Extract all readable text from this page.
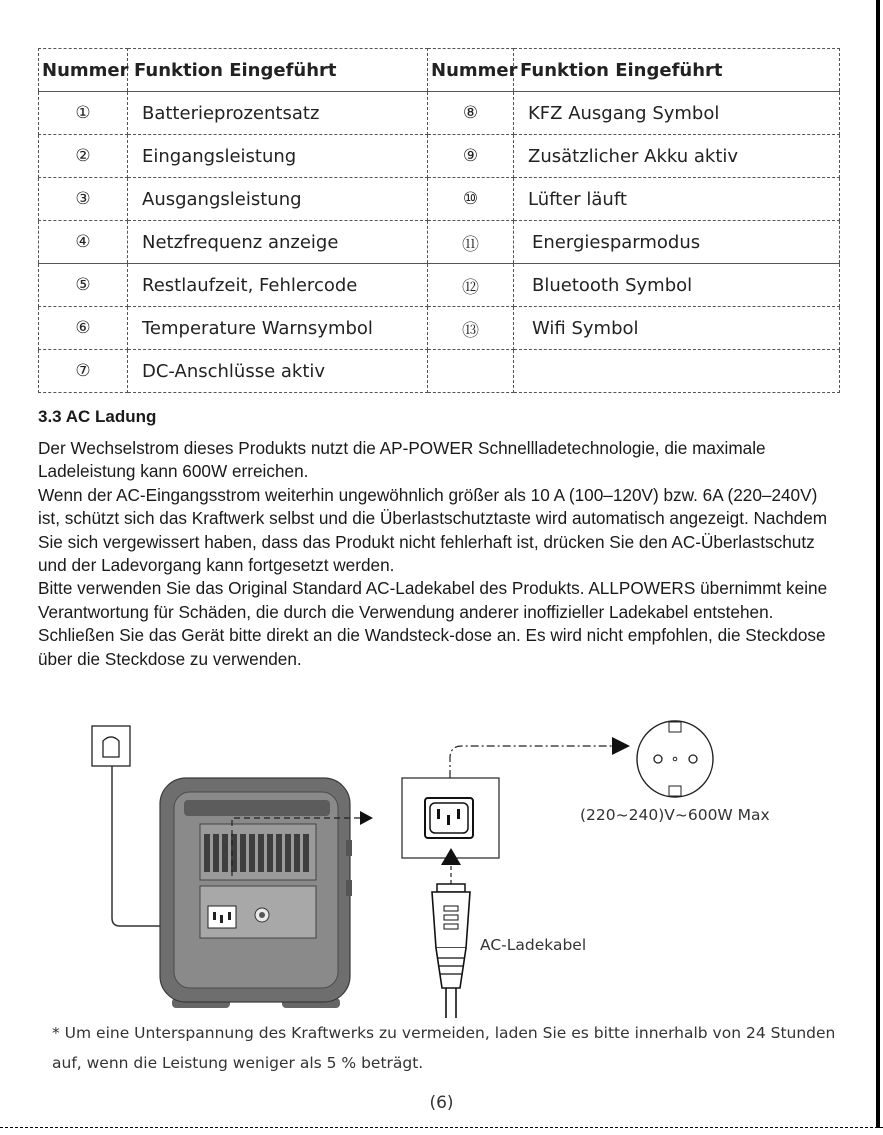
Nummer	Funktion Eingeführt	Nummer	Funktion Eingeführt
①	Batterieprozentsatz	⑧	KFZ Ausgang Symbol
②	Eingangsleistung	⑨	Zusätzlicher Akku aktiv
③	Ausgangsleistung	⑩	Lüfter läuft
④	Netzfrequenz anzeige	⑪	Energiesparmodus
⑤	Restlaufzeit, Fehlercode	⑫	Bluetooth Symbol
⑥	Temperature Warnsymbol	⑬	Wifi Symbol
⑦	DC-Anschlüsse aktiv		
3.3 AC Ladung

Der Wechselstrom dieses Produkts nutzt die AP-POWER Schnellladetechnologie, die maximale Ladeleistung kann 600W erreichen.

Wenn der AC-Eingangsstrom weiterhin ungewöhnlich größer als 10 A (100–120V) bzw. 6A (220–240V) ist, schützt sich das Kraftwerk selbst und die Überlastschutztaste wird automatisch angezeigt. Nachdem Sie sich vergewissert haben, dass das Produkt nicht fehlerhaft ist, drücken Sie den AC-Überlastschutz und der Ladevorgang kann fortgesetzt werden.

Bitte verwenden Sie das Original Standard AC-Ladekabel des Produkts. ALLPOWERS übernimmt keine Verantwortung für Schäden, die durch die Verwendung anderer inoffizieller Ladekabel entstehen. Schließen Sie das Gerät bitte direkt an die Wandsteck-dose an. Es wird nicht empfohlen, die Steckdose über die Steckdose zu verwenden.

(220~240)V~600W Max
AC-Ladekabel
* Um eine Unterspannung des Kraftwerks zu vermeiden, laden Sie es bitte innerhalb von 24 Stunden auf, wenn die Leistung weniger als 5 % beträgt.
(6)
